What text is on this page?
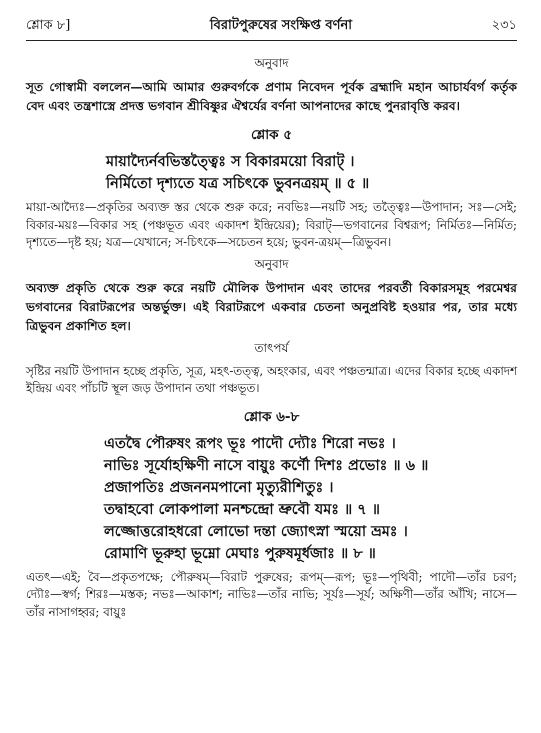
শ্লোক ৮]	বিরাটপুরুষের সংক্ষিপ্ত বর্ণনা	২৩১
অনুবাদ

সূত গোস্বামী বললেন—আমি আমার গুরুবর্গকে প্রণাম নিবেদন পূর্বক ব্রহ্মাদি মহান আচার্যবর্গ কর্তৃক বেদ এবং তন্ত্রশাস্ত্রে প্রদত্ত ভগবান শ্রীবিষ্ণুর ঐশ্বর্যের বর্ণনা আপনাদের কাছে পুনরাবৃত্তি করব।

শ্লোক ৫
মায়াদ্যৈর্নবভিস্তত্ত্বৈঃ স বিকারময়ো বিরাট্ ।
নির্মিতো দৃশ্যতে যত্র সচিৎকে ভুবনত্রয়ম্ ॥ ৫ ॥

মায়া-আদ্যৈঃ—প্রকৃতির অব্যক্ত স্তর থেকে শুরু করে; নবভিঃ—নয়টি সহ; তত্ত্বৈঃ—উপাদান; সঃ—সেই; বিকার-ময়ঃ—বিকার সহ (পঞ্চভূত এবং একাদশ ইন্দ্রিয়ের); বিরাট্—ভগবানের বিশ্বরূপ; নির্মিতঃ—নির্মিত; দৃশ্যতে—দৃষ্ট হয়; যত্র—যেখানে; স-চিৎকে—সচেতন হয়ে; ভুবন-ত্রয়ম্—ত্রিভুবন।

অনুবাদ

অব্যক্ত প্রকৃতি থেকে শুরু করে নয়টি মৌলিক উপাদান এবং তাদের পরবর্তী বিকারসমূহ পরমেশ্বর ভগবানের বিরাটরূপের অন্তর্ভুক্ত। এই বিরাটরূপে একবার চেতনা অনুপ্রবিষ্ট হওয়ার পর, তার মধ্যে ত্রিভুবন প্রকাশিত হল।

তাৎপর্য

সৃষ্টির নয়টি উপাদান হচ্ছে প্রকৃতি, সূত্র, মহৎ-তত্ত্ব, অহংকার, এবং পঞ্চতন্মাত্র। এদের বিকার হচ্ছে একাদশ ইন্দ্রিয় এবং পাঁচটি স্থূল জড় উপাদান তথা পঞ্চভূত।

শ্লোক ৬-৮
এতদ্বৈ পৌরুষং রূপং ভূঃ পাদৌ দ্যৌঃ শিরো নভঃ ।
নাভিঃ সূর্যোহক্ষিণী নাসে বায়ুঃ কর্ণৌ দিশঃ প্রভোঃ ॥ ৬ ॥
প্রজাপতিঃ প্রজননমপানো মৃত্যুরীশিতুঃ ।
তদ্বাহবো লোকপালা মনশ্চন্দ্রো ভ্রুবৌ যমঃ ॥ ৭ ॥
লজ্জোত্তরোহধরো লোভো দন্তা জ্যোৎস্না স্ময়ো ভ্রমঃ ।
রোমাণি ভূরুহা ভূম্নো মেঘাঃ পুরুষমূর্ধজাঃ ॥ ৮ ॥

এতৎ—এই; বৈ—প্রকৃতপক্ষে; পৌরুষম্—বিরাট পুরুষের; রূপম্—রূপ; ভূঃ—পৃথিবী; পাদৌ—তাঁর চরণ; দ্যৌঃ—স্বর্গ; শিরঃ—মস্তক; নভঃ—আকাশ; নাভিঃ—তাঁর নাভি; সূর্যঃ—সূর্য; অক্ষিণী—তাঁর আঁখি; নাসে—তাঁর নাসাগহ্বর; বায়ুঃ
